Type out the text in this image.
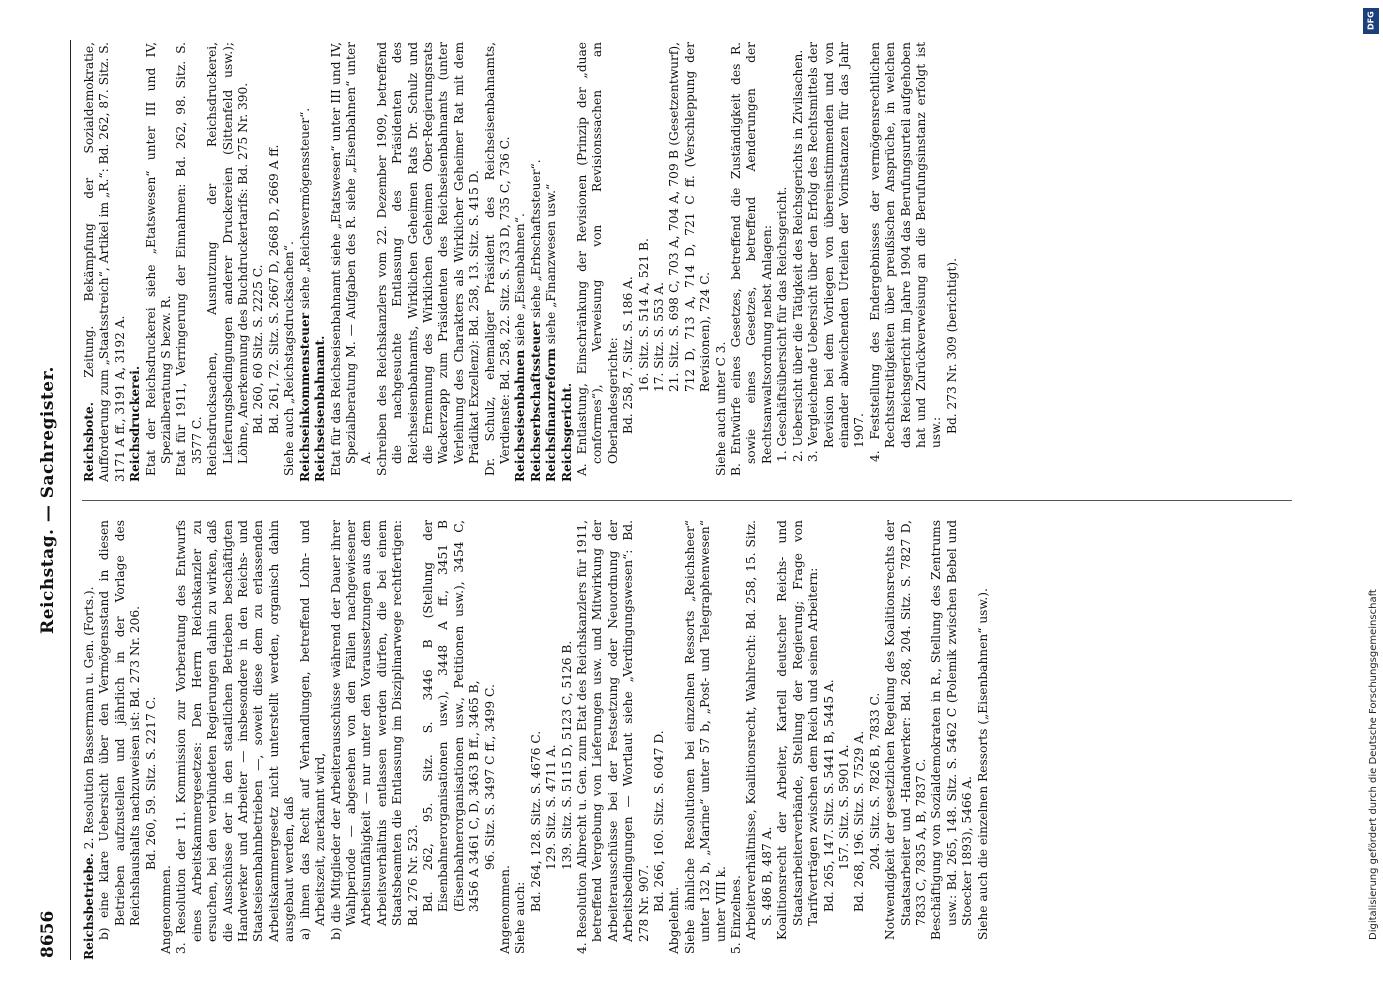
8656
Reichstag. — Sachregister.

Reichsbetriebe. 2. Resolution Bassermann u. Gen. (Forts.). b) eine klare Uebersicht über den Vermögensstand in diesen Betrieben aufzustellen und jährlich in der Vorlage des Reichshaushalts nachzuweisen ist: Bd. 273 Nr. 206. Bd. 260, 59. Sitz. S. 2217 C.

Angenommen. 3. Resolution der 11. Kommission zur Vorberatung des Entwurfs eines Arbeitskammergesetzes: Den Herrn Reichskanzler zu ersuchen, bei den verbündeten Regierungen dahin zu wirken, daß die Ausschüsse der in den staatlichen Betrieben beschäftigten Handwerker und Arbeiter — insbesondere in den Reichs- und Staatseisenbahnbetrieben —, soweit diese dem zu erlassenden Arbeitskammergesetz nicht unterstellt werden, organisch dahin ausgebaut werden, daß a) ihnen das Recht auf Verhandlungen, betreffend Lohn- und Arbeitszeit, zuerkannt wird, b) die Mitglieder der Arbeiterausschüsse während der Dauer ihrer Wahlperiode — abgesehen von den Fällen nachgewiesener Arbeitsunfähigkeit — nur unter den Voraussetzungen aus dem Arbeitsverhältnis entlassen werden dürfen, die bei einem Staatsbeamten die Entlassung im Disziplinarwege rechtfertigen: Bd. 276 Nr. 523. Bd. 262, 95. Sitz. S. 3446 B (Stellung der Eisenbahnerorganisationen usw.), 3448 A ff., 3451 B (Eisenbahnerorganisationen usw., Petitionen usw.), 3454 C, 3456 A 3461 C, D, 3463 B ff., 3465 B, 96. Sitz. S. 3497 C ff., 3499 C.

Angenommen. Siehe auch:

Bd. 264, 128. Sitz. S. 4676 C. 129. Sitz. S. 4711 A. 139. Sitz. S. 5115 D, 5123 C, 5126 B. 4. Resolution Albrecht u. Gen. zum Etat des Reichskanzlers für 1911, betreffend Vergebung von Lieferungen usw. und Mitwirkung der Arbeiterausschüsse bei der Festsetzung oder Neuordnung der Arbeitsbedingungen — Wortlaut siehe „Verdingungswesen“: Bd. 278 Nr. 907. Bd. 266, 160. Sitz. S. 6047 D.

Abgelehnt. Siehe ähnliche Resolutionen bei einzelnen Ressorts „Reichsheer“ unter 132 b, „Marine“ unter 57 b, „Post- und Telegraphenwesen“ unter VIII k. 5. Einzelnes. Arbeiterverhältnisse, Koalitionsrecht, Wahlrecht: Bd. 258, 15. Sitz. S. 486 B, 487 A. Koalitionsrecht der Arbeiter, Kartell deutscher Reichs- und Staatsarbeiterverbände, Stellung der Regierung; Frage von Tarifverträgen zwischen dem Reich und seinen Arbeitern: Bd. 265, 147. Sitz. S. 5441 B, 5445 A. 157. Sitz. S. 5901 A. Bd. 268, 196. Sitz. S. 7529 A. 204. Sitz. S. 7826 B, 7833 C. Notwendigkeit der gesetzlichen Regelung des Koalitionsrechts der Staatsarbeiter und -Handwerker: Bd. 268, 204. Sitz. S. 7827 D, 7833 C, 7835 A, B, 7837 C. Beschäftigung von Sozialdemokraten in R., Stellung des Zentrums usw.: Bd. 265, 148. Sitz. S. 5462 C (Polemik zwischen Bebel und Stoecker 1893), 5466 A. Siehe auch die einzelnen Ressorts („Eisenbahnen“ usw.).

Reichsbote. Zeitung. Bekämpfung der Sozialdemokratie, Aufforderung zum „Staatsstreich“, Artikel im „R.“: Bd. 262, 87. Sitz. S. 3171 A ff., 3191 A, 3192 A. Reichsdruckerei. Etat der Reichsdruckerei siehe „Etatswesen“ unter III und IV, Spezialberatung S bezw. R. Etat für 1911, Verringerung der Einnahmen: Bd. 262, 98. Sitz. S. 3577 C. Reichsdrucksachen, Ausnutzung der Reichsdruckerei, Lieferungsbedingungen anderer Druckereien (Sittenfeld usw.); Löhne, Anerkennung des Buchdruckertarifs: Bd. 275 Nr. 390. Bd. 260, 60 Sitz. S. 2225 C. Bd. 261, 72. Sitz. S. 2667 D, 2668 D, 2669 A ff. Siehe auch „Reichstagsdrucksachen“. Reichseinkommensteuer siehe „Reichsvermögenssteuer“.

Reichseisenbahnamt. Etat für das Reichseisenbahnamt siehe „Etatswesen“ unter III und IV, Spezialberatung M. — Aufgaben des R. siehe „Eisenbahnen“ unter A. Schreiben des Reichskanzlers vom 22. Dezember 1909, betreffend die nachgesuchte Entlassung des Präsidenten des Reichseisenbahnamts, Wirklichen Geheimen Rats Dr. Schulz und die Ernennung des Wirklichen Geheimen Ober-Regierungsrats Wackerzapp zum Präsidenten des Reichseisenbahnamts (unter Verleihung des Charakters als Wirklicher Geheimer Rat mit dem Prädikat Exzellenz): Bd. 258, 13. Sitz. S. 415 D. Dr. Schulz, ehemaliger Präsident des Reichseisenbahnamts, Verdienste: Bd. 258, 22. Sitz. S. 733 D, 735 C, 736 C. Reichseisenbahnen siehe „Eisenbahnen“.

Reichserbschaftssteuer siehe „Erbschaftssteuer“.

Reichsfinanzreform siehe „Finanzwesen usw.“

Reichsgericht. A. Entlastung, Einschränkung der Revisionen (Prinzip der „duae conformes“), Verweisung von Revisionssachen an Oberlandesgerichte: Bd. 258, 7. Sitz. S. 186 A. 16. Sitz. S. 514 A, 521 B. 17. Sitz. S. 553 A. 21. Sitz. S. 698 C, 703 A, 704 A, 709 B (Gesetzentwurf), 712 D, 713 A, 714 D, 721 C ff. (Verschleppung der Revisionen), 724 C.

Siehe auch unter C 3. B. Entwürfe eines Gesetzes, betreffend die Zuständigkeit des R. sowie eines Gesetzes, betreffend Aenderungen der Rechtsanwaltsordnung nebst Anlagen: 1. Geschäftsübersicht für das Reichsgericht. 2. Uebersicht über die Tätigkeit des Reichsgerichts in Zivilsachen. 3. Vergleichende Uebersicht über den Erfolg des Rechtsmittels der Revision bei dem Vorliegen von übereinstimmenden und von einander abweichenden Urteilen der Vorinstanzen für das Jahr 1907. 4. Feststellung des Endergebnisses der vermögensrechtlichen Rechtsstreitigkeiten über preußischen Ansprüche, in welchen das Reichsgericht im Jahre 1904 das Berufungsurteil aufgehoben hat und Zurückverweisung an die Berufungsinstanz erfolgt ist usw.: Bd. 273 Nr. 309 (berichtigt).

DFG
Digitalisierung gefördert durch die Deutsche Forschungsgemeinschaft
